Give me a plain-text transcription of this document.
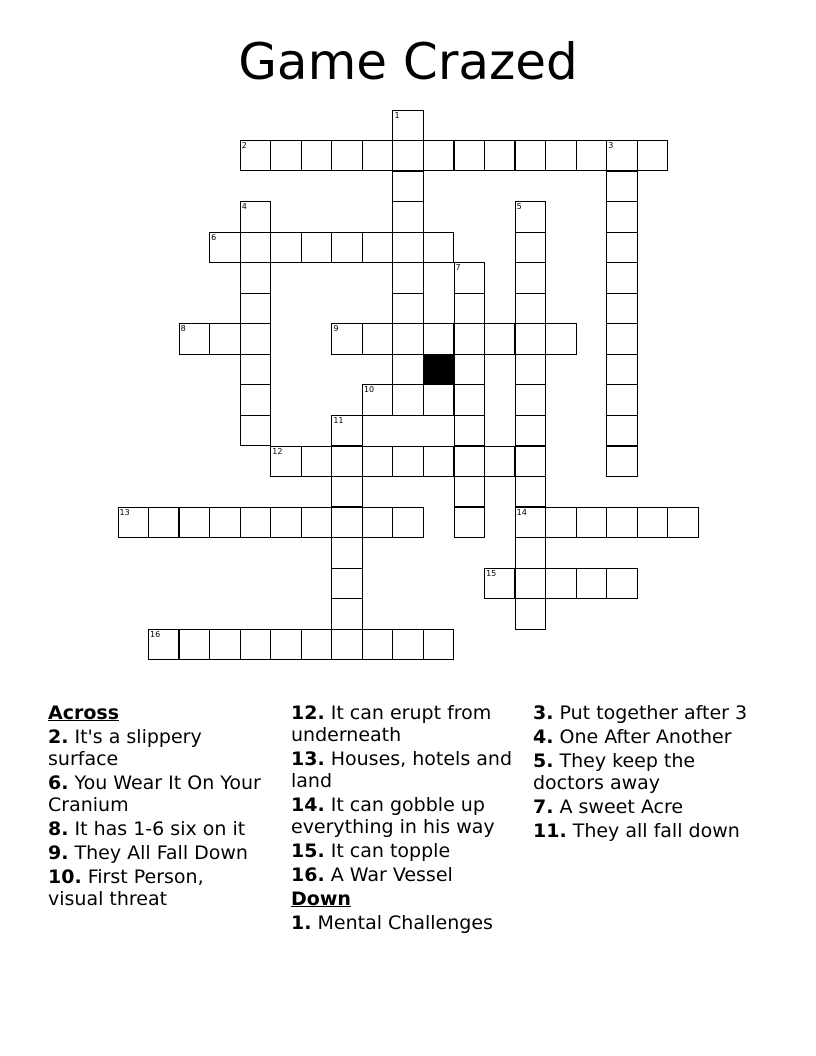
Game Crazed
1
2	3
4	5
6
7
8	9
10
11
12
13	14
15
16
Across
2. It's a slippery surface
6. You Wear It On Your Cranium
8. It has 1-6 six on it
9. They All Fall Down
10. First Person, visual threat
12. It can erupt from underneath
13. Houses, hotels and land
14. It can gobble up everything in his way
15. It can topple
16. A War Vessel
Down
1. Mental Challenges
3. Put together after 3
4. One After Another
5. They keep the doctors away
7. A sweet Acre
11. They all fall down
